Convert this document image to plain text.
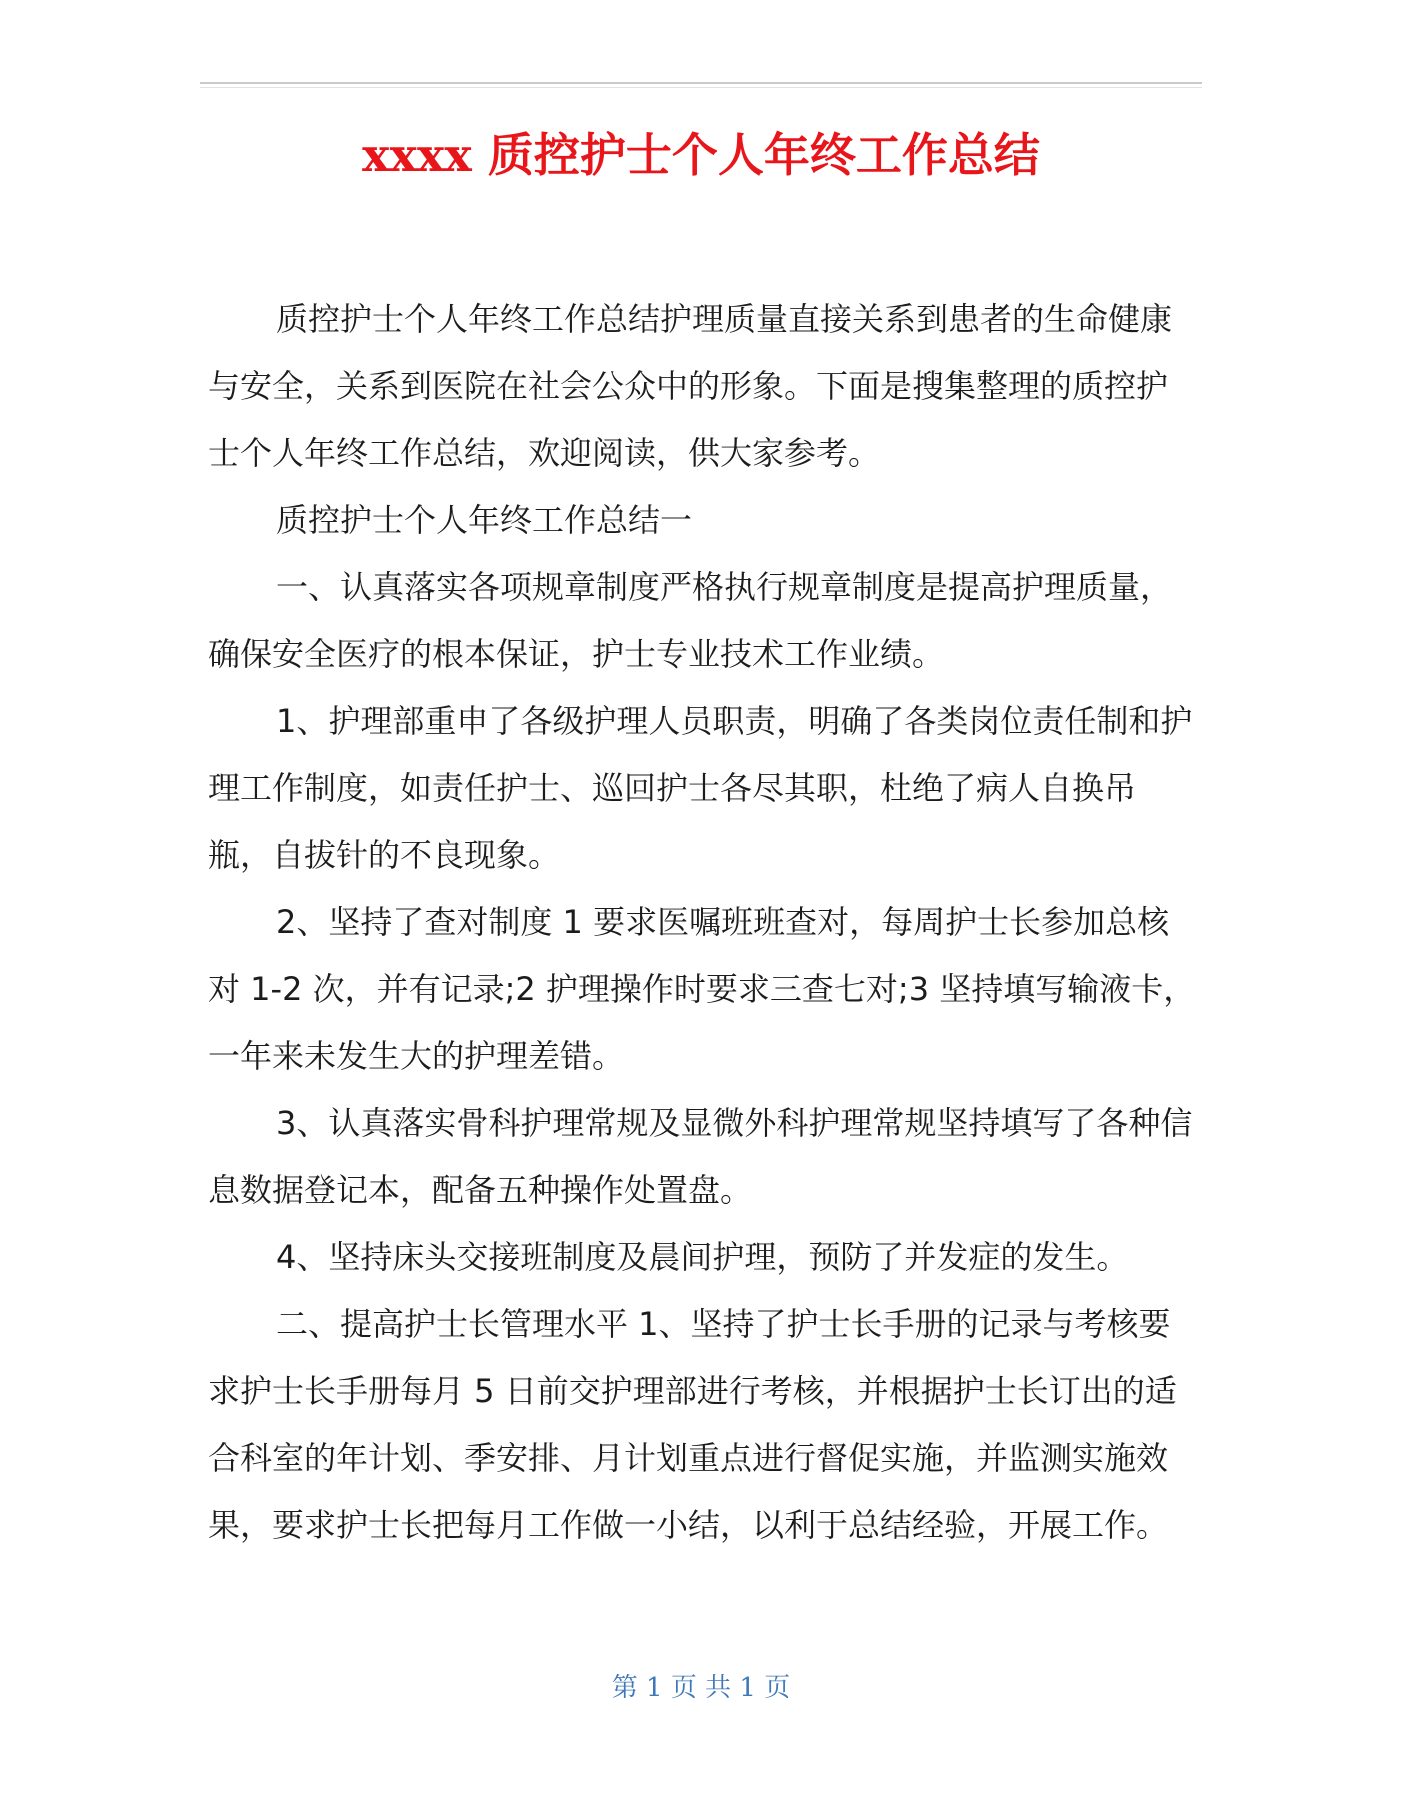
xxxx 质控护士个人年终工作总结

质控护士个人年终工作总结护理质量直接关系到患者的生命健康与安全，关系到医院在社会公众中的形象。下面是搜集整理的质控护士个人年终工作总结，欢迎阅读，供大家参考。

质控护士个人年终工作总结一

一、认真落实各项规章制度严格执行规章制度是提高护理质量，确保安全医疗的根本保证，护士专业技术工作业绩。

1、护理部重申了各级护理人员职责，明确了各类岗位责任制和护理工作制度，如责任护士、巡回护士各尽其职，杜绝了病人自换吊瓶，自拔针的不良现象。

2、坚持了查对制度 1 要求医嘱班班查对，每周护士长参加总核对 1-2 次，并有记录;2 护理操作时要求三查七对;3 坚持填写输液卡，一年来未发生大的护理差错。

3、认真落实骨科护理常规及显微外科护理常规坚持填写了各种信息数据登记本，配备五种操作处置盘。

4、坚持床头交接班制度及晨间护理，预防了并发症的发生。

二、提高护士长管理水平 1、坚持了护士长手册的记录与考核要求护士长手册每月 5 日前交护理部进行考核，并根据护士长订出的适合科室的年计划、季安排、月计划重点进行督促实施，并监测实施效果，要求护士长把每月工作做一小结，以利于总结经验，开展工作。

第 1 页 共 1 页
